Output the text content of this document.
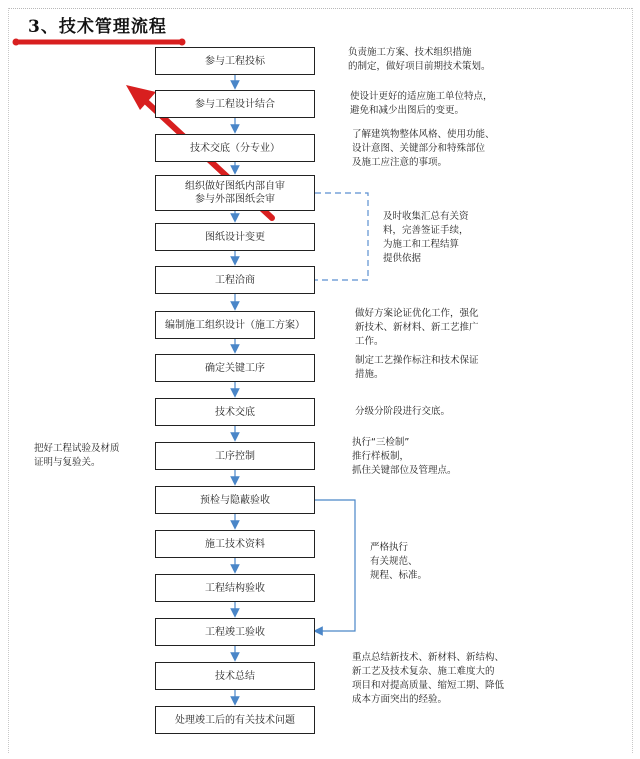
3、技术管理流程
参与工程投标
参与工程设计结合
技术交底（分专业）
组织做好图纸内部自审
参与外部图纸会审
图纸设计变更
工程洽商
编制施工组织设计（施工方案）
确定关键工序
技术交底
工序控制
预检与隐蔽验收
施工技术资料
工程结构验收
工程竣工验收
技术总结
处理竣工后的有关技术问题
负责施工方案、技术组织措施
的制定，做好项目前期技术策划。
使设计更好的适应施工单位特点，
避免和减少出图后的变更。
了解建筑物整体风格、使用功能、
设计意图、关键部分和特殊部位
及施工应注意的事项。
及时收集汇总有关资
料，完善签证手续，
为施工和工程结算
提供依据
做好方案论证优化工作，强化
新技术、新材料、新工艺推广
工作。
制定工艺操作标注和技术保证
措施。
分级分阶段进行交底。
执行“三检制”
推行样板制，
抓住关键部位及管理点。
把好工程试验及材质
证明与复验关。
严格执行
有关规范、
规程、标准。
重点总结新技术、新材料、新结构、
新工艺及技术复杂、施工难度大的
项目和对提高质量、缩短工期、降低
成本方面突出的经验。
